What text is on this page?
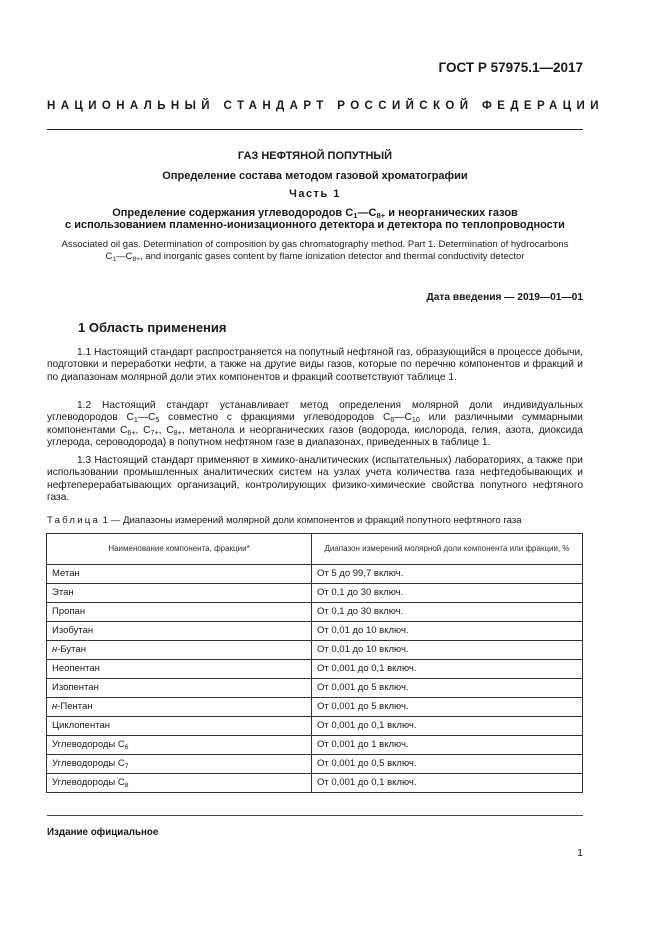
ГОСТ Р 57975.1—2017
НАЦИОНАЛЬНЫЙ СТАНДАРТ РОССИЙСКОЙ ФЕДЕРАЦИИ
ГАЗ НЕФТЯНОЙ ПОПУТНЫЙ
Определение состава методом газовой хроматографии
Часть 1
Определение содержания углеводородов $С_1—С_{8+}$ и неорганических газов
с использованием пламенно-ионизационного детектора и детектора по теплопроводности
Associated oil gas. Determination of composition by gas chromatography method. Part 1. Determination of hydrocarbons
$C_1—C_{8+}$, and inorganic gases content by flame ionization detector and thermal conductivity detector
Дата введения — 2019—01—01
1 Область применения
1.1 Настоящий стандарт распространяется на попутный нефтяной газ, образующийся в процессе добычи, подготовки и переработки нефти, а также на другие виды газов, которые по перечню компонентов и фракций и по диапазонам молярной доли этих компонентов и фракций соответствуют таблице 1.
1.2 Настоящий стандарт устанавливает метод определения молярной доли индивидуальных углеводородов $С_1—С_5$ совместно с фракциями углеводородов $С_6—С_{10}$ или различными суммарными компонентами $С_{6+}$, $С_{7+}$, $С_{8+}$, метанола и неорганических газов (водорода, кислорода, гелия, азота, диоксида углерода, сероводорода) в попутном нефтяном газе в диапазонах, приведенных в таблице 1.
1.3 Настоящий стандарт применяют в химико-аналитических (испытательных) лабораториях, а также при использовании промышленных аналитических систем на узлах учета количества газа нефтедобывающих и нефтеперерабатывающих организаций, контролирующих физико-химические свойства попутного нефтяного газа.
Таблица 1 — Диапазоны измерений молярной доли компонентов и фракций попутного нефтяного газа
Наименование компонента, фракции*	Диапазон измерений молярной доли компонента или фракции, %
Метан	От 5 до 99,7 включ.
Этан	От 0,1 до 30 включ.
Пропан	От 0,1 до 30 включ.
Изобутан	От 0,01 до 10 включ.
н-Бутан	От 0,01 до 10 включ.
Неопентан	От 0,001 до 0,1 включ.
Изопентан	От 0,001 до 5 включ.
н-Пентан	От 0,001 до 5 включ.
Циклопентан	От 0,001 до 0,1 включ.
Углеводороды $С_6$	От 0,001 до 1 включ.
Углеводороды $С_7$	От 0,001 до 0,5 включ.
Углеводороды $С_8$	От 0,001 до 0,1 включ.
Издание официальное
1
